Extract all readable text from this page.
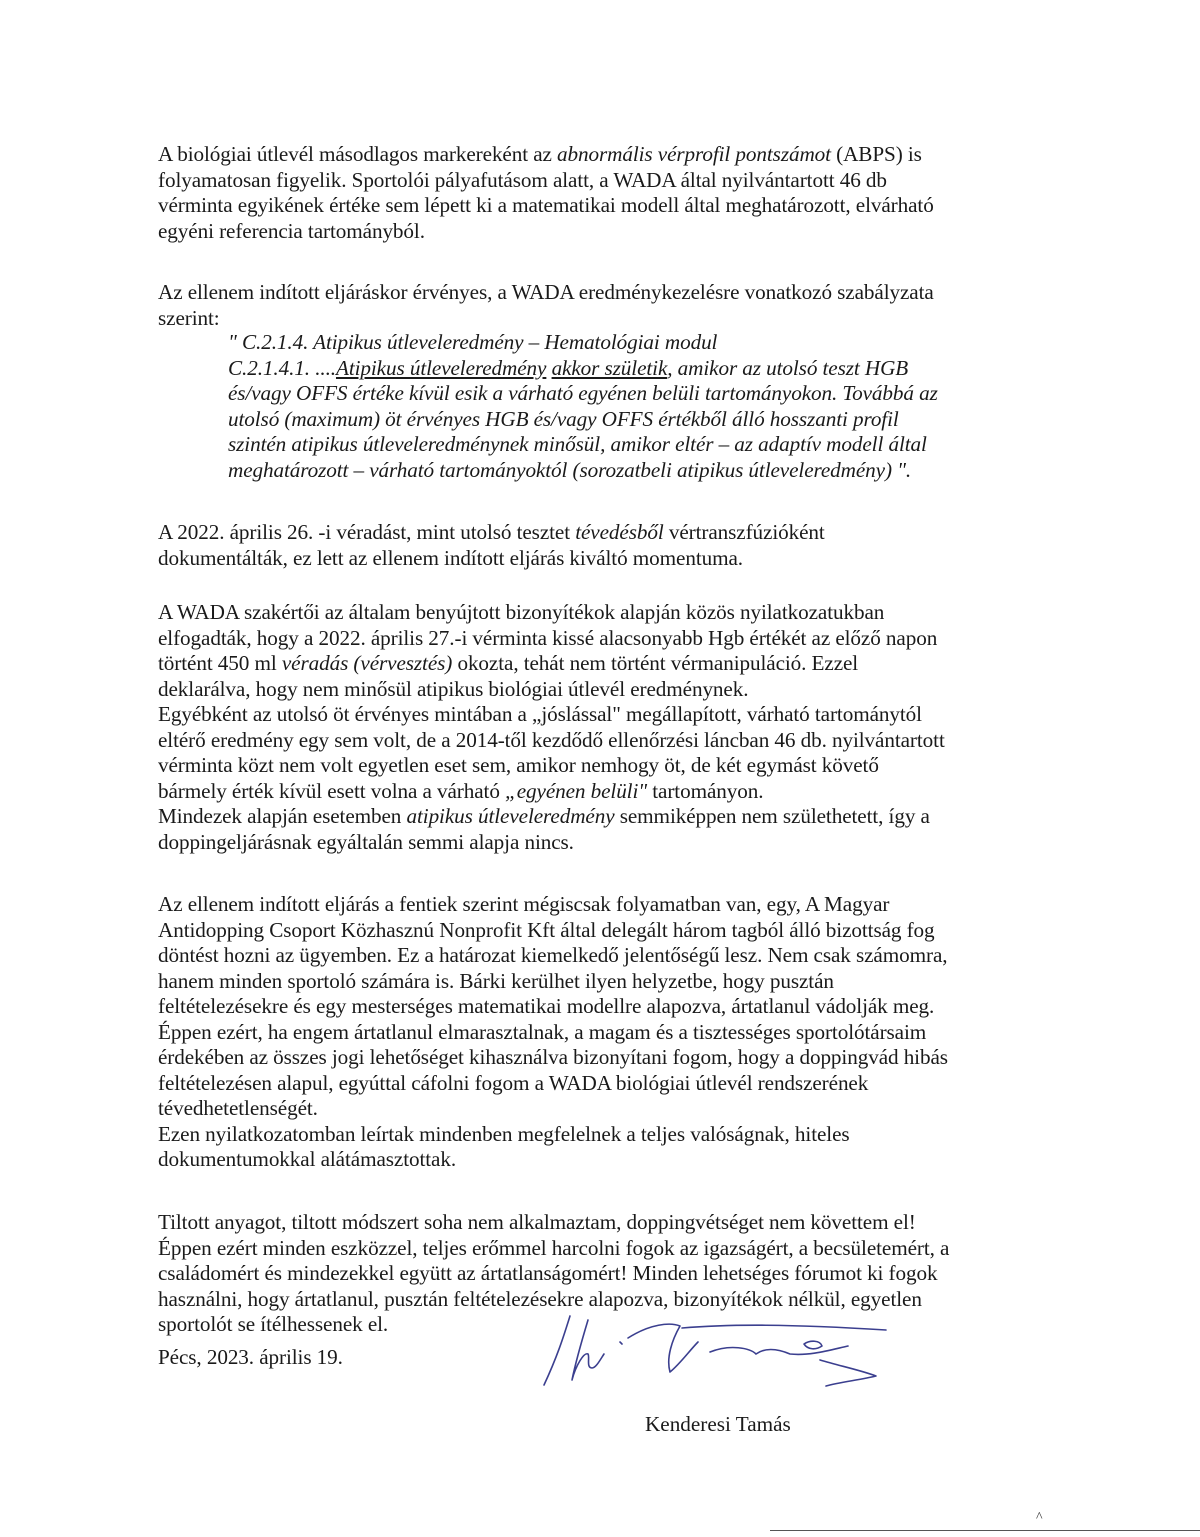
A biológiai útlevél másodlagos markereként az abnormális vérprofil pontszámot (ABPS) is
folyamatosan figyelik. Sportolói pályafutásom alatt, a WADA által nyilvántartott 46 db
vérminta egyikének értéke sem lépett ki a matematikai modell által meghatározott, elvárható
egyéni referencia tartományból.
Az ellenem indított eljáráskor érvényes, a WADA eredménykezelésre vonatkozó szabályzata
szerint:
" C.2.1.4. Atipikus útleveleredmény – Hematológiai modul
C.2.1.4.1. ....Atipikus útleveleredmény akkor születik, amikor az utolsó teszt HGB
és/vagy OFFS értéke kívül esik a várható egyénen belüli tartományokon. Továbbá az
utolsó (maximum) öt érvényes HGB és/vagy OFFS értékből álló hosszanti profil
szintén atipikus útleveleredménynek minősül, amikor eltér – az adaptív modell által
meghatározott – várható tartományoktól (sorozatbeli atipikus útleveleredmény) ".
A 2022. április 26. -i véradást, mint utolsó tesztet tévedésből vértranszfúzióként
dokumentálták, ez lett az ellenem indított eljárás kiváltó momentuma.
A WADA szakértői az általam benyújtott bizonyítékok alapján közös nyilatkozatukban
elfogadták, hogy a 2022. április 27.-i vérminta kissé alacsonyabb Hgb értékét az előző napon
történt 450 ml véradás (vérvesztés) okozta, tehát nem történt vérmanipuláció. Ezzel
deklarálva, hogy nem minősül atipikus biológiai útlevél eredménynek.
Egyébként az utolsó öt érvényes mintában a „jóslással" megállapított, várható tartománytól
eltérő eredmény egy sem volt, de a 2014-től kezdődő ellenőrzési láncban 46 db. nyilvántartott
vérminta közt nem volt egyetlen eset sem, amikor nemhogy öt, de két egymást követő
bármely érték kívül esett volna a várható „egyénen belüli" tartományon.
Mindezek alapján esetemben atipikus útleveleredmény semmiképpen nem születhetett, így a
doppingeljárásnak egyáltalán semmi alapja nincs.
Az ellenem indított eljárás a fentiek szerint mégiscsak folyamatban van, egy, A Magyar
Antidopping Csoport Közhasznú Nonprofit Kft által delegált három tagból álló bizottság fog
döntést hozni az ügyemben. Ez a határozat kiemelkedő jelentőségű lesz. Nem csak számomra,
hanem minden sportoló számára is. Bárki kerülhet ilyen helyzetbe, hogy pusztán
feltételezésekre és egy mesterséges matematikai modellre alapozva, ártatlanul vádolják meg.
Éppen ezért, ha engem ártatlanul elmarasztalnak, a magam és a tisztességes sportolótársaim
érdekében az összes jogi lehetőséget kihasználva bizonyítani fogom, hogy a doppingvád hibás
feltételezésen alapul, egyúttal cáfolni fogom a WADA biológiai útlevél rendszerének
tévedhetetlenségét.
Ezen nyilatkozatomban leírtak mindenben megfelelnek a teljes valóságnak, hiteles
dokumentumokkal alátámasztottak.
Tiltott anyagot, tiltott módszert soha nem alkalmaztam, doppingvétséget nem követtem el!
Éppen ezért minden eszközzel, teljes erőmmel harcolni fogok az igazságért, a becsületemért, a
családomért és mindezekkel együtt az ártatlanságomért! Minden lehetséges fórumot ki fogok
használni, hogy ártatlanul, pusztán feltételezésekre alapozva, bizonyítékok nélkül, egyetlen
sportolót se ítélhessenek el.
Pécs, 2023. április 19.
Kenderesi Tamás
^
